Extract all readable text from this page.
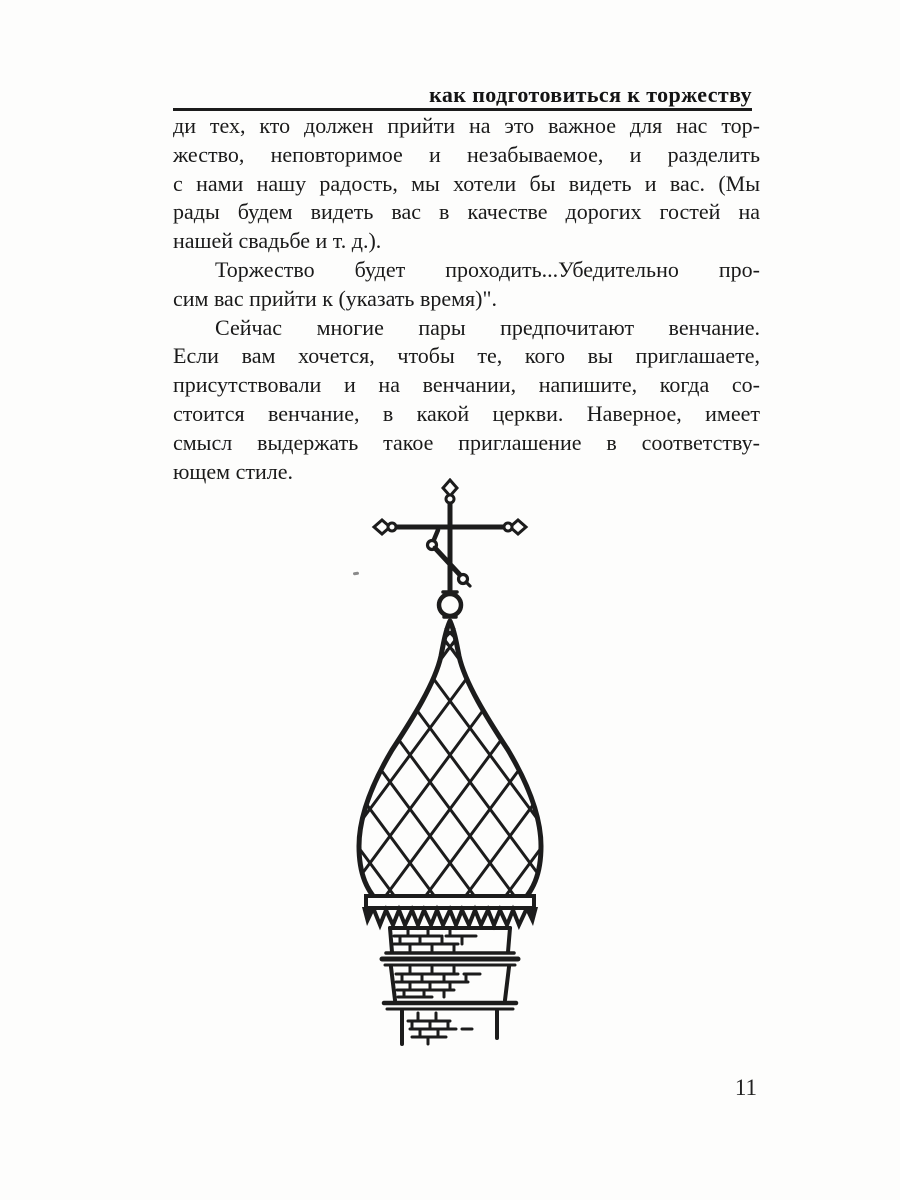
как подготовиться к торжеству
ди тех, кто должен прийти на это важное для нас тор-
жество, неповторимое и незабываемое, и разделить
с нами нашу радость, мы хотели бы видеть и вас. (Мы
рады будем видеть вас в качестве дорогих гостей на
нашей свадьбе и т. д.).
Торжество будет проходить...Убедительно про-
сим вас прийти к (указать время)".
Сейчас многие пары предпочитают венчание.
Если вам хочется, чтобы те, кого вы приглашаете,
присутствовали и на венчании, напишите, когда со-
стоится венчание, в какой церкви. Наверное, имеет
смысл выдержать такое приглашение в соответству-
ющем стиле.
11
